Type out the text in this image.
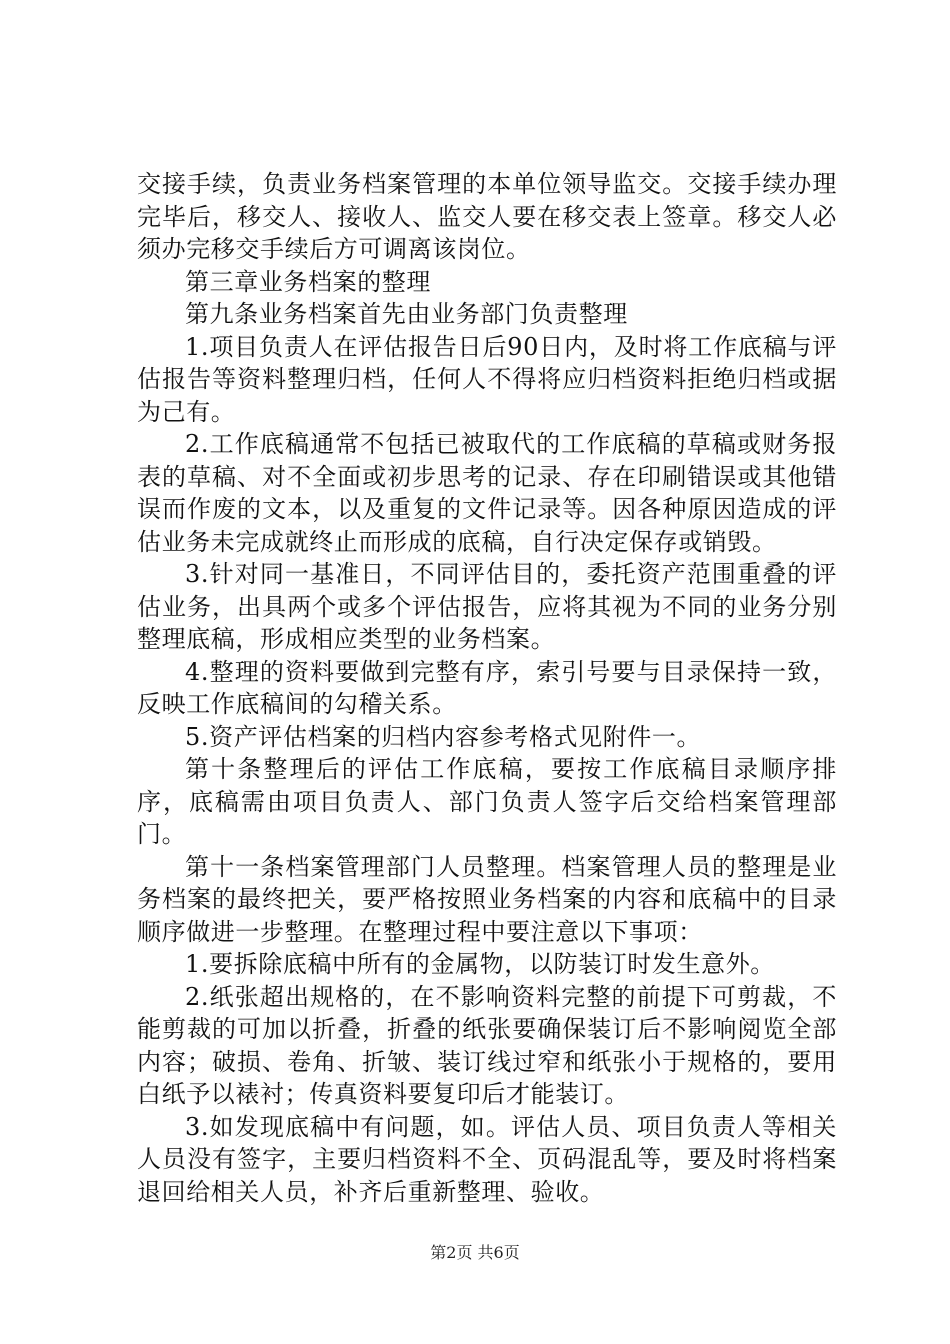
交接手续，负责业务档案管理的本单位领导监交。交接手续办理完毕后，移交人、接收人、监交人要在移交表上签章。移交人必须办完移交手续后方可调离该岗位。

第三章业务档案的整理

第九条业务档案首先由业务部门负责整理

1.项目负责人在评估报告日后90日内，及时将工作底稿与评估报告等资料整理归档，任何人不得将应归档资料拒绝归档或据为己有。

2.工作底稿通常不包括已被取代的工作底稿的草稿或财务报表的草稿、对不全面或初步思考的记录、存在印刷错误或其他错误而作废的文本，以及重复的文件记录等。因各种原因造成的评估业务未完成就终止而形成的底稿，自行决定保存或销毁。

3.针对同一基准日，不同评估目的，委托资产范围重叠的评估业务，出具两个或多个评估报告，应将其视为不同的业务分别整理底稿，形成相应类型的业务档案。

4.整理的资料要做到完整有序，索引号要与目录保持一致，反映工作底稿间的勾稽关系。

5.资产评估档案的归档内容参考格式见附件一。

第十条整理后的评估工作底稿，要按工作底稿目录顺序排序，底稿需由项目负责人、部门负责人签字后交给档案管理部门。

第十一条档案管理部门人员整理。档案管理人员的整理是业务档案的最终把关，要严格按照业务档案的内容和底稿中的目录顺序做进一步整理。在整理过程中要注意以下事项：

1.要拆除底稿中所有的金属物，以防装订时发生意外。

2.纸张超出规格的，在不影响资料完整的前提下可剪裁，不能剪裁的可加以折叠，折叠的纸张要确保装订后不影响阅览全部内容；破损、卷角、折皱、装订线过窄和纸张小于规格的，要用白纸予以裱衬；传真资料要复印后才能装订。

3.如发现底稿中有问题，如。评估人员、项目负责人等相关人员没有签字，主要归档资料不全、页码混乱等，要及时将档案退回给相关人员，补齐后重新整理、验收。

第2页 共6页
